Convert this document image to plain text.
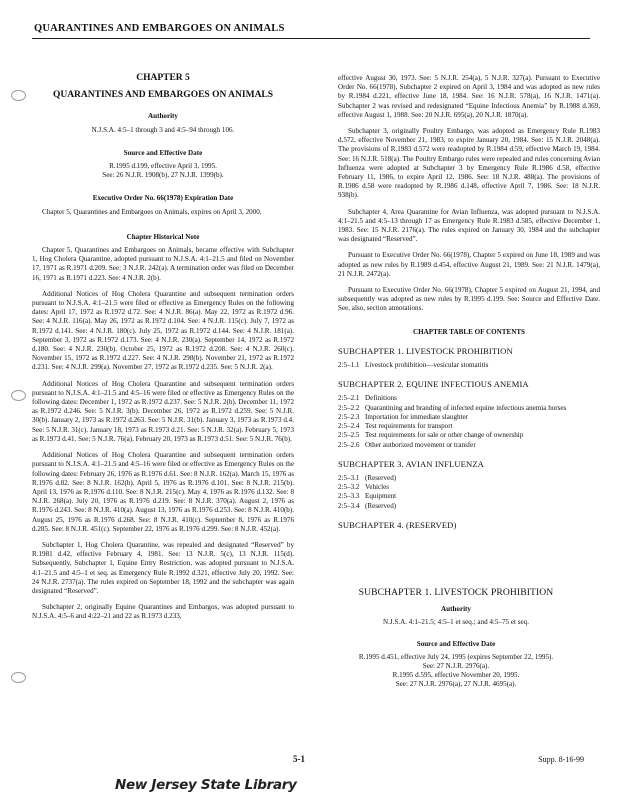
QUARANTINES AND EMBARGOES ON ANIMALS
CHAPTER 5
QUARANTINES AND EMBARGOES ON ANIMALS

Authority

N.J.S.A. 4:5–1 through 3 and 4:5–94 through 106.

Source and Effective Date

R.1995 d.199, effective April 3, 1995.

See: 26 N.J.R. 1908(b), 27 N.J.R. 1399(b).

Executive Order No. 66(1978) Expiration Date

Chapter 5, Quarantines and Embargoes on Animals, expires on April 3, 2000.

Chapter Historical Note

Chapter 5, Quarantines and Embargoes on Animals, became effective with Subchapter 1, Hog Cholera Quarantine, adopted pursuant to N.J.S.A. 4:1–21.5 and filed on November 17, 1971 as R.1971 d.209. See: 3 N.J.R. 242(a). A termination order was filed on December 16, 1971 as R.1971 d.223. See: 4 N.J.R. 2(b).

Additional Notices of Hog Cholera Quarantine and subsequent termination orders pursuant to N.J.S.A. 4:1–21.5 were filed or effective as Emergency Rules on the following dates: April 17, 1972 as R.1972 d.72. See: 4 N.J.R. 86(a). May 22, 1972 as R.1972 d.96. See: 4 N.J.R. 116(a). May 26, 1972 as R.1972 d.104. See: 4 N.J.R. 115(c). July 7, 1972 as R.1972 d.141. See: 4 N.J.R. 180(c). July 25, 1972 as R.1972 d.144. See: 4 N.J.R. 181(a). September 3, 1972 as R.1972 d.173. See: 4 N.J.R. 230(a). September 14, 1972 as R.1972 d.180. See: 4 N.J.R. 230(b). October 25, 1972 as R.1972 d.208. See: 4 N.J.R. 260(c). November 15, 1972 as R.1972 d.227. See: 4 N.J.R. 298(b). November 21, 1972 as R.1972 d.231. See: 4 N.J.R. 299(a). November 27, 1972 as R.1972 d.235. See: 5 N.J.R. 2(a).

Additional Notices of Hog Cholera Quarantine and subsequent termination orders pursuant to N.J.S.A. 4:1–21.5 and 4:5–16 were filed or effective as Emergency Rules on the following dates: December 1, 1972 as R.1972 d.237. See: 5 N.J.R. 2(b). December 11, 1972 as R.1972 d.246. See: 5 N.J.R. 3(b). December 26, 1972 as R.1972 d.259. See: 5 N.J.R. 30(b). January 2, 1973 as R.1972 d.263. See: 5 N.J.R. 31(b). January 3, 1973 as R.1973 d.4. See: 5 N.J.R. 31(c). January 18, 1973 as R.1973 d.21. See: 5 N.J.R. 32(a). February 5, 1973 as R.1973 d.41. See: 5 N.J.R. 76(a). February 20, 1973 as R.1973 d.51. See: 5 N.J.R. 76(b).

Additional Notices of Hog Cholera Quarantine and subsequent termination orders pursuant to N.J.S.A. 4:1–21.5 and 4:5–16 were filed or effective as Emergency Rules on the following dates: February 26, 1976 as R.1976 d.61. See: 8 N.J.R. 162(a). March 15, 1976 as R.1976 d.82. See: 8 N.J.R. 162(b). April 5, 1976 as R.1976 d.101. See: 8 N.J.R. 215(b). April 13, 1976 as R.1976 d.110. See: 8 N.J.R. 215(c). May 4, 1976 as R.1976 d.132. See: 8 N.J.R. 268(a). July 20, 1976 as R.1976 d.219. See: 8 N.J.R. 370(a). August 2, 1976 as R.1976 d.243. See: 8 N.J.R. 410(a). August 13, 1976 as R.1976 d.253. See: 8 N.J.R. 410(b). August 25, 1976 as R.1976 d.268. See: 8 N.J.R. 410(c). September 8, 1976 as R.1976 d.285. See: 8 N.J.R. 451(c). September 22, 1976 as R.1976 d.299. See: 8 N.J.R. 452(a).

Subchapter 1, Hog Cholera Quarantine, was repealed and designated “Reserved” by R.1981 d.42, effective February 4, 1981. See: 13 N.J.R. 5(c), 13 N.J.R. 115(d). Subsequently, Subchapter 1, Equine Entry Restriction, was adopted pursuant to N.J.S.A. 4:1–21.5 and 4:5–1 et seq. as Emergency Rule R.1992 d.321, effective July 20, 1992. See: 24 N.J.R. 2737(a). The rules expired on September 18, 1992 and the subchapter was again designated “Reserved”.

Subchapter 2, originally Equine Quarantines and Embargos, was adopted pursuant to N.J.S.A. 4:5–6 and 4:22–21 and 22 as R.1973 d.233,

effective August 30, 1973. See: 5 N.J.R. 254(a), 5 N.J.R. 327(a). Pursuant to Executive Order No. 66(1978), Subchapter 2 expired on April 3, 1984 and was adopted as new rules by R.1984 d.221, effective June 18, 1984. See: 16 N.J.R. 578(a), 16 N.J.R. 1471(a). Subchapter 2 was revised and redesignated “Equine Infectious Anemia” by R.1988 d.369, effective August 1, 1988. See: 20 N.J.R. 695(a), 20 N.J.R. 1870(a).

Subchapter 3, originally Poultry Embargo, was adopted as Emergency Rule R.1983 d.572, effective November 21, 1983, to expire January 20, 1984. See: 15 N.J.R. 2048(a). The provisions of R.1983 d.572 were readopted by R.1984 d.59, effective March 19, 1984. See: 16 N.J.R. 518(a). The Poultry Embargo rules were repealed and rules concerning Avian Influenza were adopted at Subchapter 3 by Emergency Rule R.1986 d.58, effective February 11, 1986, to expire April 12, 1986. See: 18 N.J.R. 488(a). The provisions of R.1986 d.58 were readopted by R.1986 d.148, effective April 7, 1986. See: 18 N.J.R. 938(b).

Subchapter 4, Area Quarantine for Avian Influenza, was adopted pursuant to N.J.S.A. 4:1–21.5 and 4:5–13 through 17 as Emergency Rule R.1983 d.585, effective December 1, 1983. See: 15 N.J.R. 2176(a). The rules expired on January 30, 1984 and the subchapter was designated “Reserved”.

Pursuant to Executive Order No. 66(1978), Chapter 5 expired on June 18, 1989 and was adopted as new rules by R.1989 d.454, effective August 21, 1989. See: 21 N.J.R. 1479(a), 21 N.J.R. 2472(a).

Pursuant to Executive Order No. 66(1978), Chapter 5 expired on August 21, 1994, and subsequently was adopted as new rules by R.1995 d.199. See: Source and Effective Date. See, also, section annotations.

CHAPTER TABLE OF CONTENTS

SUBCHAPTER 1. LIVESTOCK PROHIBITION

2:5–1.1 Livestock prohibition—vesicular stomatitis

SUBCHAPTER 2. EQUINE INFECTIOUS ANEMIA

2:5–2.1 Definitions
2:5–2.2 Quarantining and branding of infected equine infectious anemia horses
2:5–2.3 Importation for immediate slaughter
2:5–2.4 Test requirements for transport
2:5–2.5 Test requirements for sale or other change of ownership
2:5–2.6 Other authorized movement or transfer

SUBCHAPTER 3. AVIAN INFLUENZA

2:5–3.1 (Reserved)
2:5–3.2 Vehicles
2:5–3.3 Equipment
2:5–3.4 (Reserved)

SUBCHAPTER 4. (RESERVED)

SUBCHAPTER 1. LIVESTOCK PROHIBITION

Authority

N.J.S.A. 4:1–21.5; 4:5–1 et seq.; and 4:5–75 et seq.

Source and Effective Date

R.1995 d.451, effective July 24, 1995 (expires September 22, 1995).

See: 27 N.J.R. 2976(a).

R.1995 d.595, effective November 20, 1995.

See: 27 N.J.R. 2976(a), 27 N.J.R. 4695(a).

5-1	Supp. 8-16-99
New Jersey State Library
